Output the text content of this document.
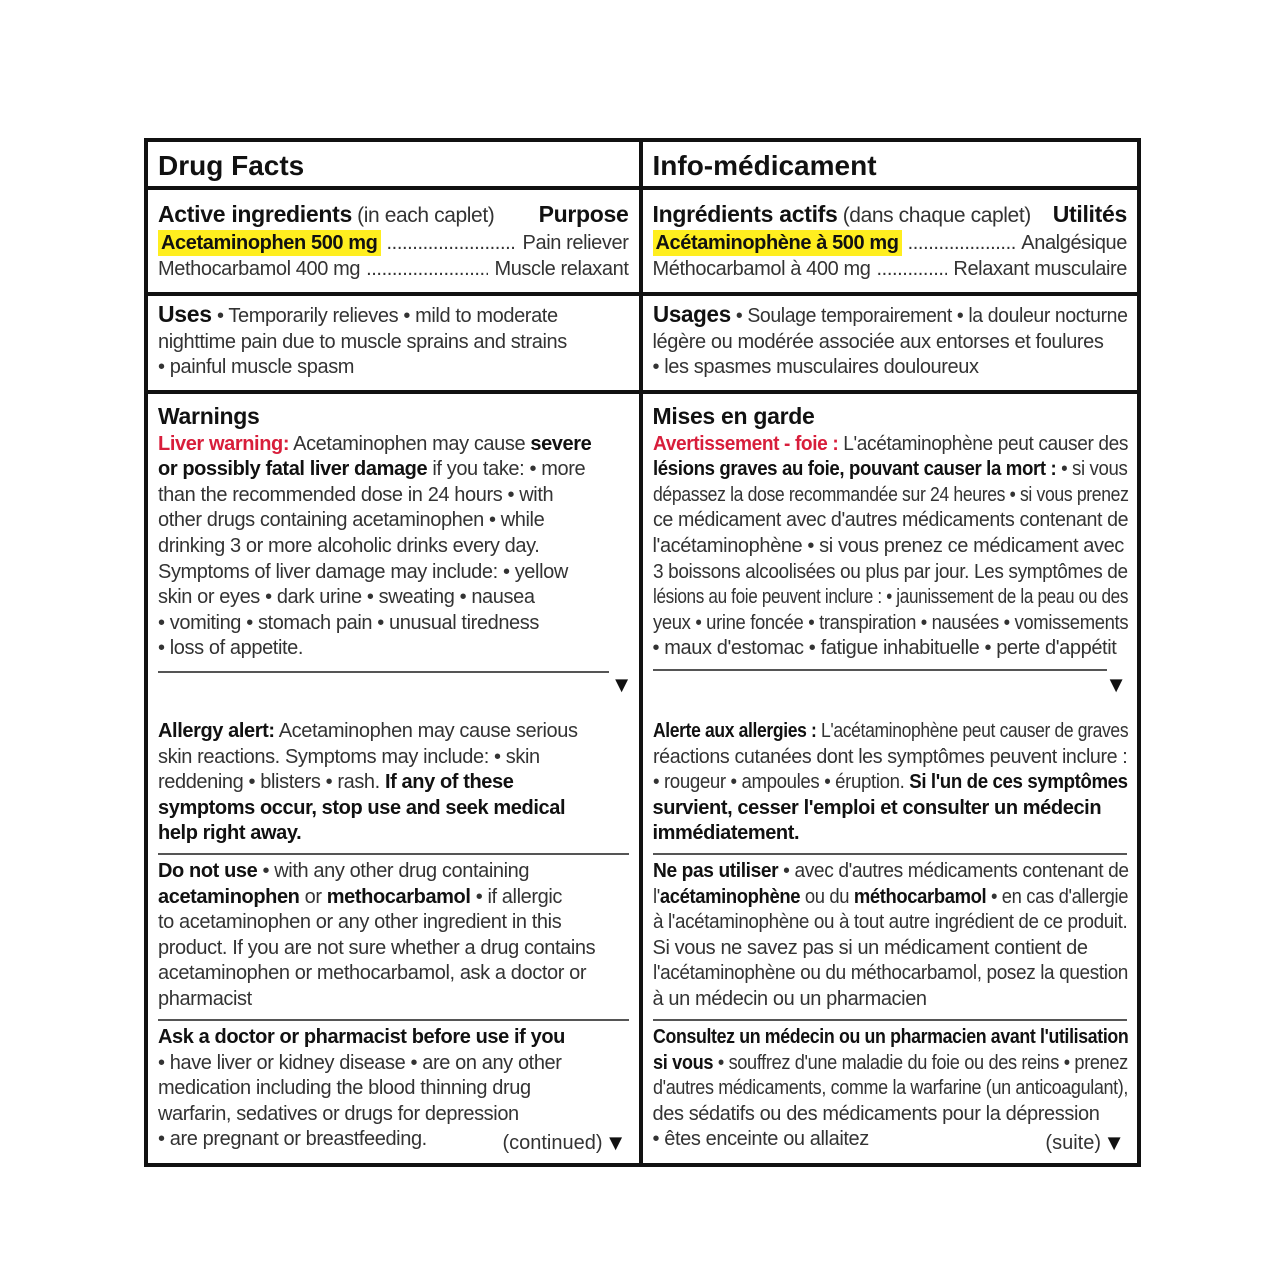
Drug Facts
Active ingredients (in each caplet) Purpose
Acetaminophen 500 mg .....	Pain reliever
Methocarbamol 400 mg .....	Muscle relaxant
Uses • Temporarily relieves • mild to moderate
nighttime pain due to muscle sprains and strains
• painful muscle spasm
Warnings
Liver warning: Acetaminophen may cause severe
or possibly fatal liver damage if you take: • more
than the recommended dose in 24 hours • with
other drugs containing acetaminophen • while
drinking 3 or more alcoholic drinks every day.
Symptoms of liver damage may include: • yellow
skin or eyes • dark urine • sweating • nausea
• vomiting • stomach pain • unusual tiredness
• loss of appetite.
▼
Allergy alert: Acetaminophen may cause serious
skin reactions. Symptoms may include: • skin
reddening • blisters • rash. If any of these
symptoms occur, stop use and seek medical
help right away.
Do not use • with any other drug containing
acetaminophen or methocarbamol • if allergic
to acetaminophen or any other ingredient in this
product. If you are not sure whether a drug contains
acetaminophen or methocarbamol, ask a doctor or
pharmacist
Ask a doctor or pharmacist before use if you
• have liver or kidney disease • are on any other
medication including the blood thinning drug
warfarin, sedatives or drugs for depression
• are pregnant or breastfeeding.	(continued) ▼
Info-médicament
Ingrédients actifs (dans chaque caplet) Utilités
Acétaminophène à 500 mg .....	Analgésique
Méthocarbamol à 400 mg .....	Relaxant musculaire
Usages • Soulage temporairement • la douleur nocturne
légère ou modérée associée aux entorses et foulures
• les spasmes musculaires douloureux
Mises en garde
Avertissement - foie : L'acétaminophène peut causer des
lésions graves au foie, pouvant causer la mort : • si vous
dépassez la dose recommandée sur 24 heures • si vous prenez
ce médicament avec d'autres médicaments contenant de
l'acétaminophène • si vous prenez ce médicament avec
3 boissons alcoolisées ou plus par jour. Les symptômes de
lésions au foie peuvent inclure : • jaunissement de la peau ou des
yeux • urine foncée • transpiration • nausées • vomissements
• maux d'estomac • fatigue inhabituelle • perte d'appétit
▼
Alerte aux allergies : L'acétaminophène peut causer de graves
réactions cutanées dont les symptômes peuvent inclure :
• rougeur • ampoules • éruption. Si l'un de ces symptômes
survient, cesser l'emploi et consulter un médecin
immédiatement.
Ne pas utiliser • avec d'autres médicaments contenant de
l'acétaminophène ou du méthocarbamol • en cas d'allergie
à l'acétaminophène ou à tout autre ingrédient de ce produit.
Si vous ne savez pas si un médicament contient de
l'acétaminophène ou du méthocarbamol, posez la question
à un médecin ou un pharmacien
Consultez un médecin ou un pharmacien avant l'utilisation
si vous • souffrez d'une maladie du foie ou des reins • prenez
d'autres médicaments, comme la warfarine (un anticoagulant),
des sédatifs ou des médicaments pour la dépression
• êtes enceinte ou allaitez	(suite) ▼
